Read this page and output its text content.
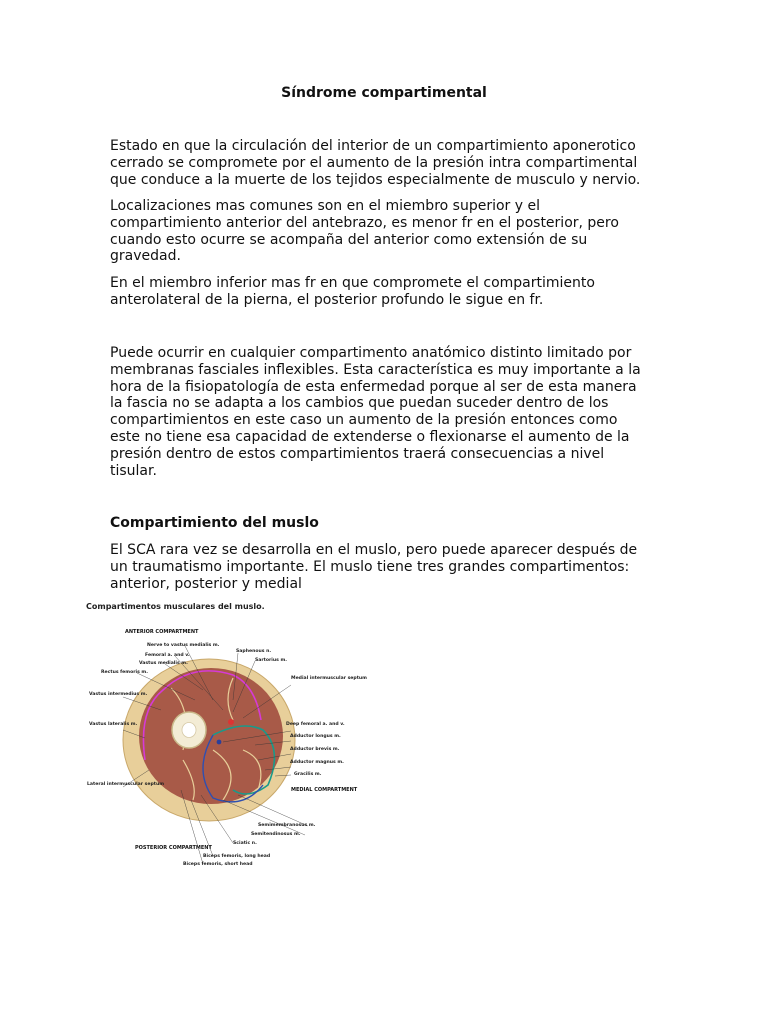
Síndrome compartimental

Estado en que la circulación del interior de un compartimiento aponerotico cerrado se compromete por el aumento de la presión intra compartimental que conduce a la muerte de los tejidos especialmente de musculo y nervio.

Localizaciones mas comunes son en el miembro superior y el compartimiento anterior del antebrazo, es menor fr en el posterior, pero cuando esto ocurre se acompaña del anterior como extensión de su gravedad.

En el miembro inferior mas fr en que compromete el compartimiento anterolateral de la pierna, el posterior profundo le sigue en fr.

Puede ocurrir en cualquier compartimento anatómico distinto limitado por membranas fasciales inflexibles. Esta característica es muy importante a la hora de la fisiopatología de esta enfermedad porque al ser de esta manera la fascia no se adapta a los cambios que puedan suceder dentro de los compartimientos en este caso un aumento de la presión entonces como este no tiene esa capacidad de extenderse o flexionarse el aumento de la presión dentro de estos compartimientos traerá consecuencias a nivel tisular.

Compartimiento del muslo

El SCA rara vez se desarrolla en el muslo, pero puede aparecer después de un traumatismo importante. El muslo tiene tres grandes compartimentos: anterior, posterior y medial

Compartimentos musculares del muslo.
ANTERIOR COMPARTMENT
MEDIAL COMPARTMENT
POSTERIOR COMPARTMENT
Nerve to vastus medialis m.
Saphenous n.
Femoral a. and v.
Sartorius m.
Vastus medialis m.
Rectus femoris m.
Medial intermuscular septum
Vastus intermedius m.
Deep femoral a. and v.
Vastus lateralis m.
Adductor longus m.
Adductor brevis m.
Adductor magnus m.
Gracilis m.
Lateral intermuscular septum
Semimembranosus m.
Semitendinosus m.
Sciatic n.
Biceps femoris, long head
Biceps femoris, short head
